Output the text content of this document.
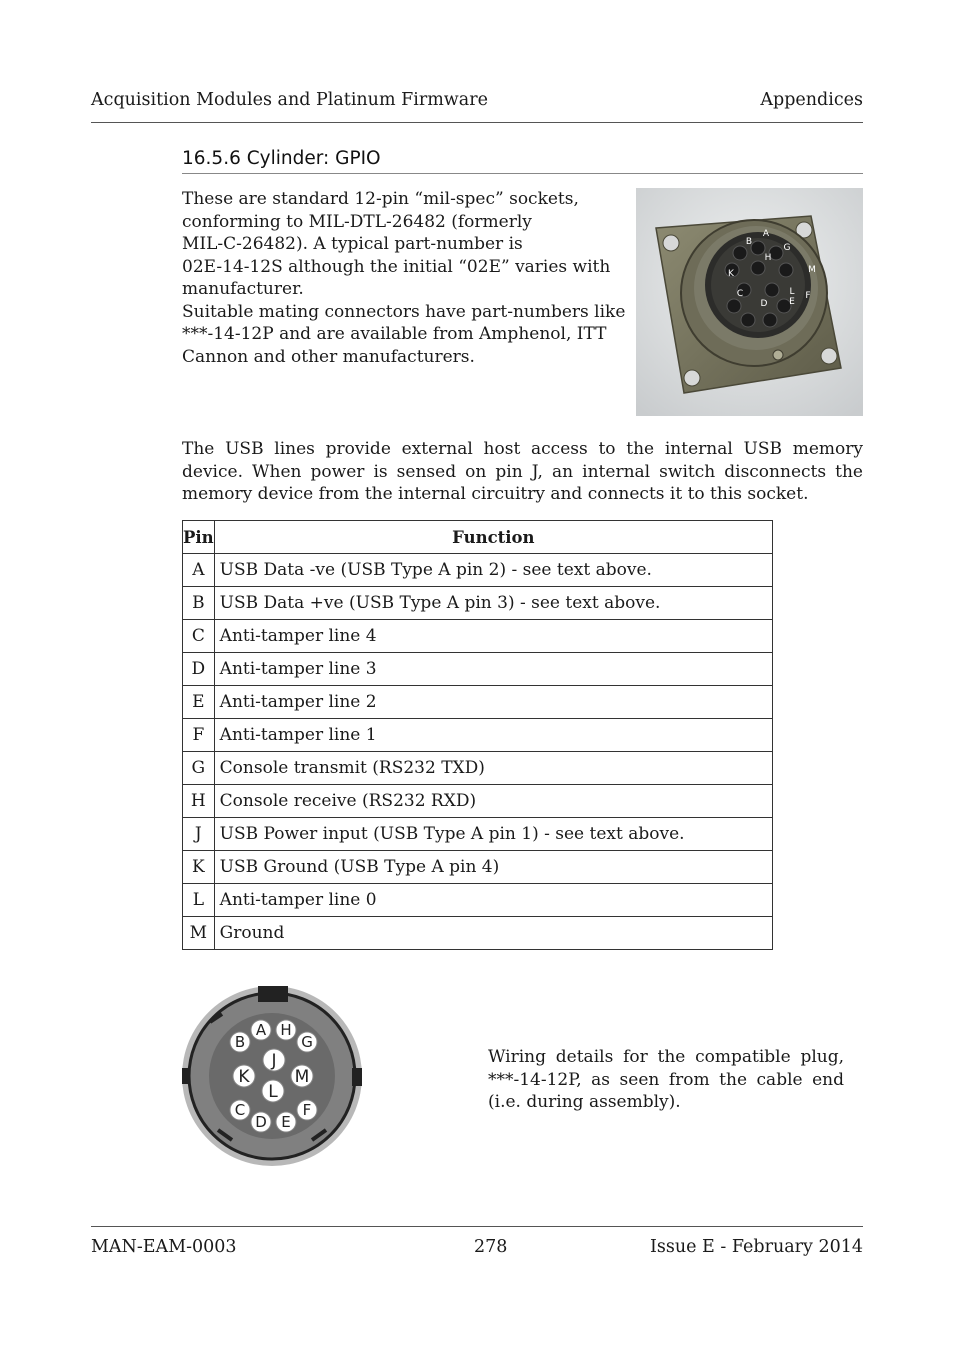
Acquisition Modules and Platinum Firmware	Appendices
16.5.6 Cylinder: GPIO
These are standard 12-pin “mil-spec” sockets,
conforming to MIL-DTL-26482 (formerly
MIL-C-26482). A typical part-number is
02E-14-12S although the initial “02E” varies with
manufacturer.
Suitable mating connectors have part-numbers like
***-14-12P and are available from Amphenol, ITT
Cannon and other manufacturers.
A
B
G
K
H
M
C	L F
D E
The USB lines provide external host access to the internal USB memory device. When power is sensed on pin J, an internal switch disconnects the memory device from the internal circuitry and connects it to this socket.
Pin	Function
A	USB Data -ve (USB Type A pin 2) - see text above.
B	USB Data +ve (USB Type A pin 3) - see text above.
C	Anti-tamper line 4
D	Anti-tamper line 3
E	Anti-tamper line 2
F	Anti-tamper line 1
G	Console transmit (RS232 TXD)
H	Console receive (RS232 RXD)
J	USB Power input (USB Type A pin 1) - see text above.
K	USB Ground (USB Type A pin 4)
L	Anti-tamper line 0
M	Ground
A H
B	G
J
K	M
L
C	F
D E
Wiring details for the compatible plug, ***-14-12P, as seen from the cable end (i.e. during assembly).
MAN-EAM-0003	278	Issue E - February 2014
